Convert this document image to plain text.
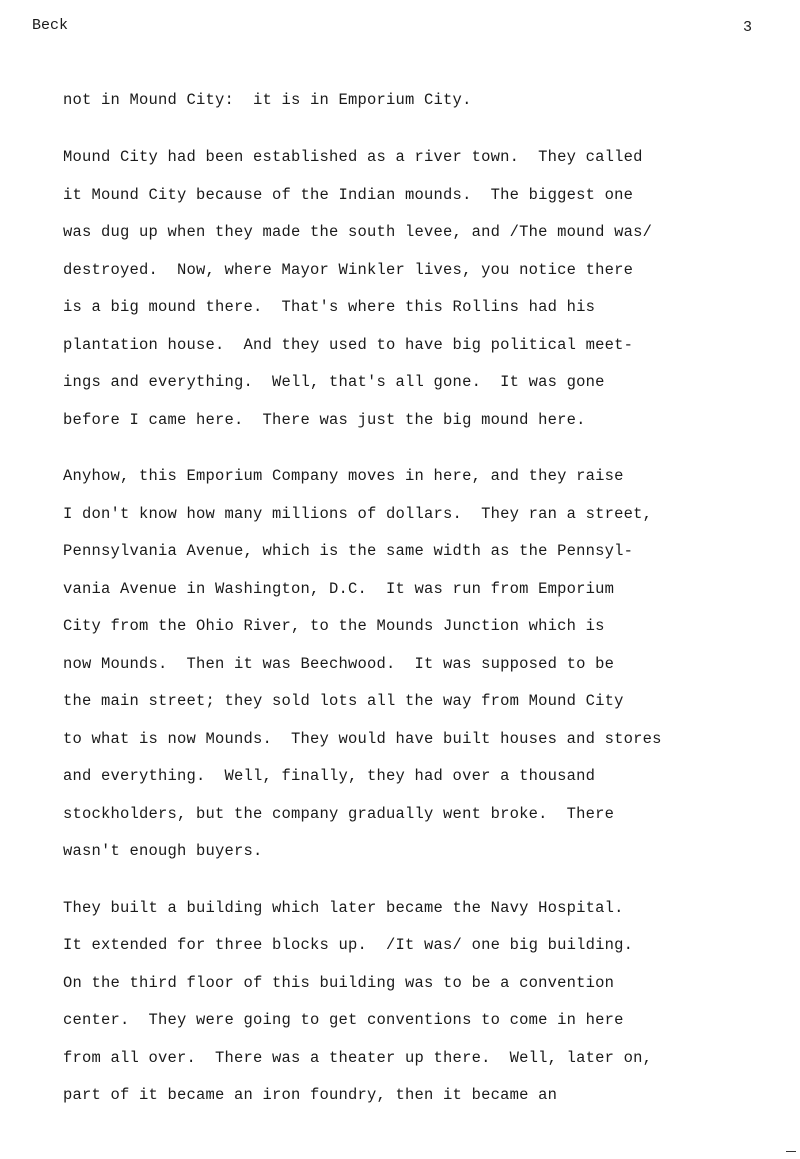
Beck	3
not in Mound City:  it is in Emporium City.
Mound City had been established as a river town.  They called
it Mound City because of the Indian mounds.  The biggest one
was dug up when they made the south levee, and /The mound was/
destroyed.  Now, where Mayor Winkler lives, you notice there
is a big mound there.  That's where this Rollins had his
plantation house.  And they used to have big political meet-
ings and everything.  Well, that's all gone.  It was gone
before I came here.  There was just the big mound here.
Anyhow, this Emporium Company moves in here, and they raise
I don't know how many millions of dollars.  They ran a street,
Pennsylvania Avenue, which is the same width as the Pennsyl-
vania Avenue in Washington, D.C.  It was run from Emporium
City from the Ohio River, to the Mounds Junction which is
now Mounds.  Then it was Beechwood.  It was supposed to be
the main street; they sold lots all the way from Mound City
to what is now Mounds.  They would have built houses and stores
and everything.  Well, finally, they had over a thousand
stockholders, but the company gradually went broke.  There
wasn't enough buyers.
They built a building which later became the Navy Hospital.
It extended for three blocks up.  /It was/ one big building.
On the third floor of this building was to be a convention
center.  They were going to get conventions to come in here
from all over.  There was a theater up there.  Well, later on,
part of it became an iron foundry, then it became an
